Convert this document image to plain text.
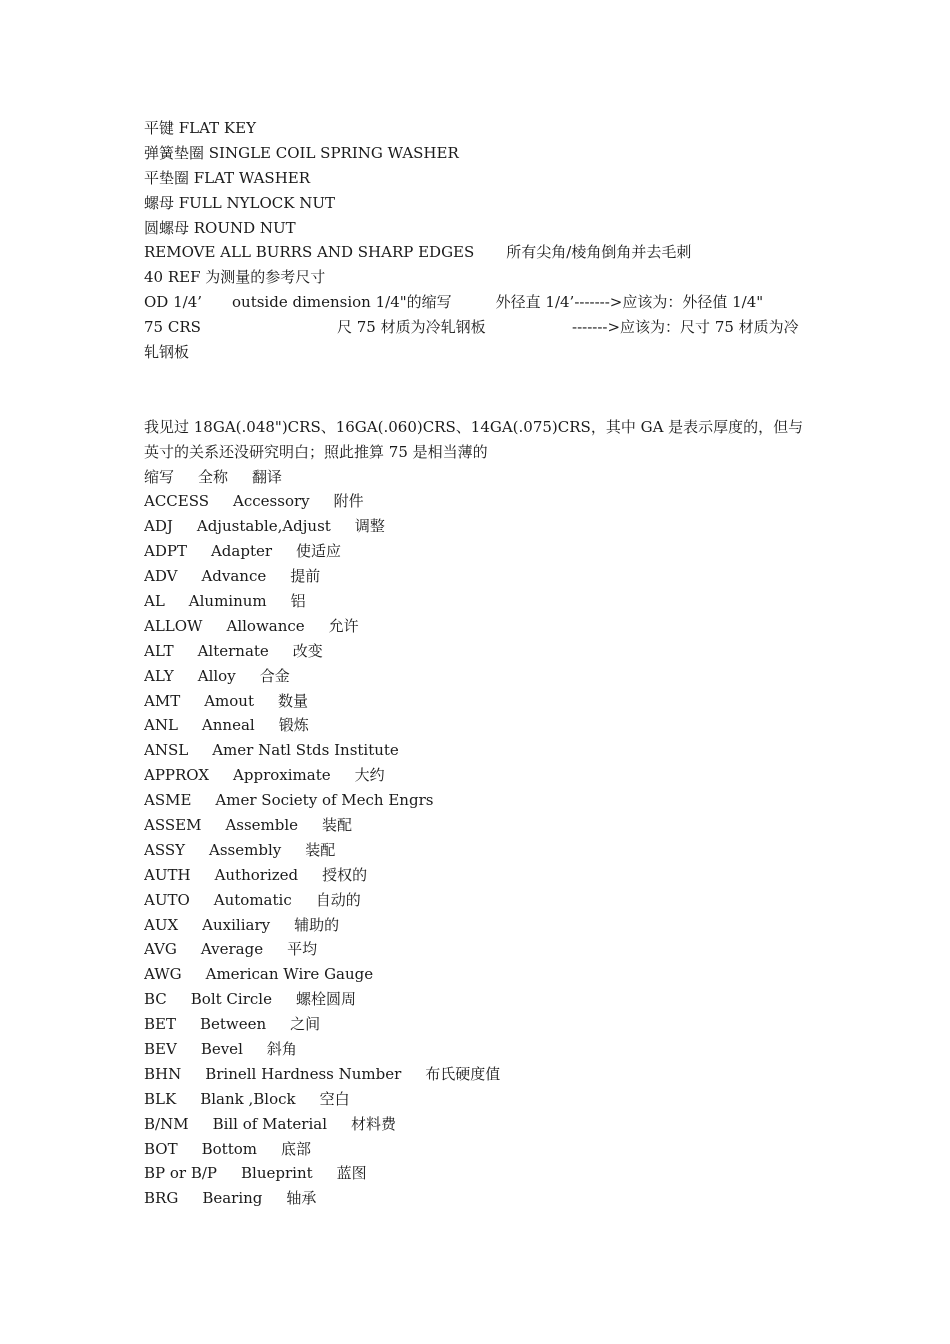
平键 FLAT KEY
弹簧垫圈 SINGLE COIL SPRING WASHER
平垫圈 FLAT WASHER
螺母 FULL NYLOCK NUT
圆螺母 ROUND NUT
REMOVE ALL BURRS AND SHARP EDGES 所有尖角/棱角倒角并去毛刺
40 REF 为测量的参考尺寸
OD 1/4’ outside dimension 1/4"的缩写	外径直 1/4’------->应该为：外径值 1/4"
75 CRS	尺 75 材质为冷轧钢板	------->应该为：尺寸 75 材质为冷
轧钢板
我见过 18GA(.048")CRS、16GA(.060)CRS、14GA(.075)CRS，其中 GA 是表示厚度的，但与英寸的关系还没研究明白；照此推算 75 是相当薄的
缩写 全称 翻译
ACCESS Accessory 附件
ADJ Adjustable,Adjust 调整
ADPT Adapter 使适应
ADV Advance 提前
AL Aluminum 铝
ALLOW Allowance 允许
ALT Alternate 改变
ALY Alloy 合金
AMT Amout 数量
ANL Anneal 锻炼
ANSL Amer Natl Stds Institute
APPROX Approximate 大约
ASME Amer Society of Mech Engrs
ASSEM Assemble 装配
ASSY Assembly 装配
AUTH Authorized 授权的
AUTO Automatic 自动的
AUX Auxiliary 辅助的
AVG Average 平均
AWG American Wire Gauge
BC Bolt Circle 螺栓圆周
BET Between 之间
BEV Bevel 斜角
BHN Brinell Hardness Number 布氏硬度值
BLK Blank ,Block 空白
B/NM Bill of Material 材料费
BOT Bottom 底部
BP or B/P Blueprint 蓝图
BRG Bearing 轴承
